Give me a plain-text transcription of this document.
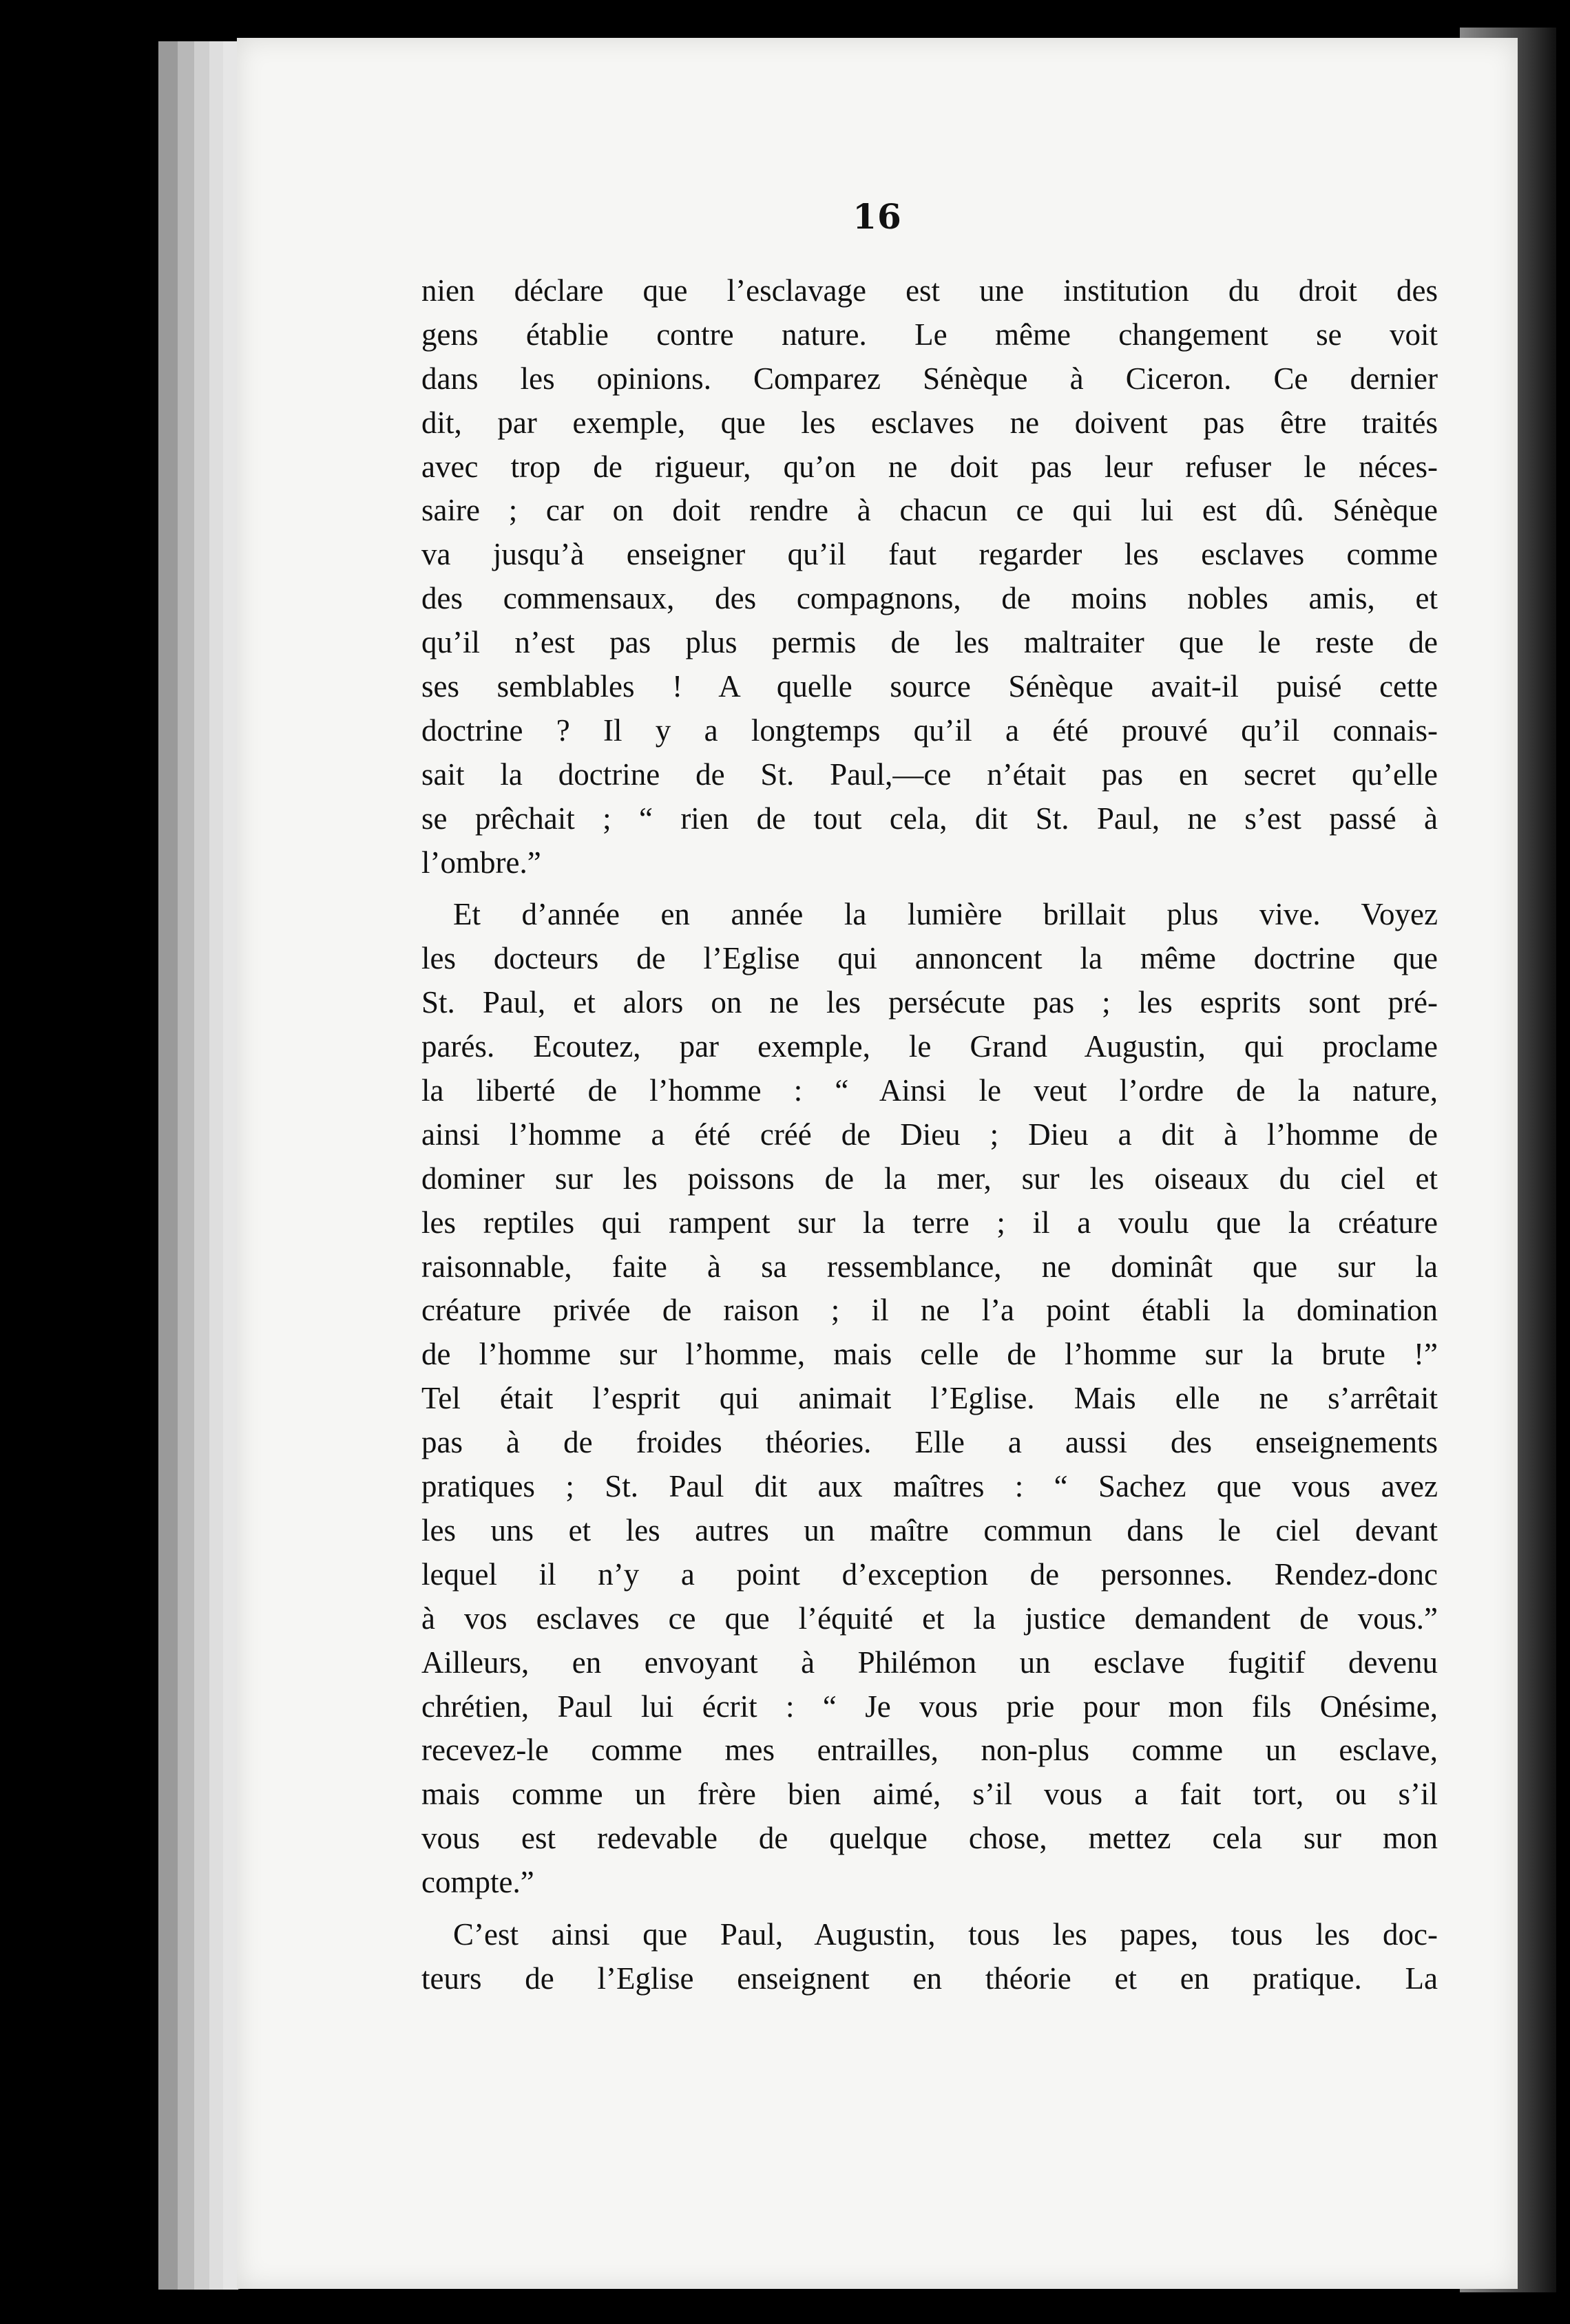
16
nien déclare que l’esclavage est une institution du droit des
gens établie contre nature. Le même changement se voit
dans les opinions. Comparez Sénèque à Ciceron. Ce dernier
dit, par exemple, que les esclaves ne doivent pas être traités
avec trop de rigueur, qu’on ne doit pas leur refuser le néces-
saire ; car on doit rendre à chacun ce qui lui est dû. Sénèque
va jusqu’à enseigner qu’il faut regarder les esclaves comme
des commensaux, des compagnons, de moins nobles amis, et
qu’il n’est pas plus permis de les maltraiter que le reste de
ses semblables ! A quelle source Sénèque avait-il puisé cette
doctrine ? Il y a longtemps qu’il a été prouvé qu’il connais-
sait la doctrine de St. Paul,—ce n’était pas en secret qu’elle
se prêchait ; “ rien de tout cela, dit St. Paul, ne s’est passé à
l’ombre.”
Et d’année en année la lumière brillait plus vive. Voyez
les docteurs de l’Eglise qui annoncent la même doctrine que
St. Paul, et alors on ne les persécute pas ; les esprits sont pré-
parés. Ecoutez, par exemple, le Grand Augustin, qui proclame
la liberté de l’homme : “ Ainsi le veut l’ordre de la nature,
ainsi l’homme a été créé de Dieu ; Dieu a dit à l’homme de
dominer sur les poissons de la mer, sur les oiseaux du ciel et
les reptiles qui rampent sur la terre ; il a voulu que la créature
raisonnable, faite à sa ressemblance, ne dominât que sur la
créature privée de raison ; il ne l’a point établi la domination
de l’homme sur l’homme, mais celle de l’homme sur la brute !”
Tel était l’esprit qui animait l’Eglise. Mais elle ne s’arrêtait
pas à de froides théories. Elle a aussi des enseignements
pratiques ; St. Paul dit aux maîtres : “ Sachez que vous avez
les uns et les autres un maître commun dans le ciel devant
lequel il n’y a point d’exception de personnes. Rendez-donc
à vos esclaves ce que l’équité et la justice demandent de vous.”
Ailleurs, en envoyant à Philémon un esclave fugitif devenu
chrétien, Paul lui écrit : “ Je vous prie pour mon fils Onésime,
recevez-le comme mes entrailles, non-plus comme un esclave,
mais comme un frère bien aimé, s’il vous a fait tort, ou s’il
vous est redevable de quelque chose, mettez cela sur mon
compte.”
C’est ainsi que Paul, Augustin, tous les papes, tous les doc-
teurs de l’Eglise enseignent en théorie et en pratique. La
